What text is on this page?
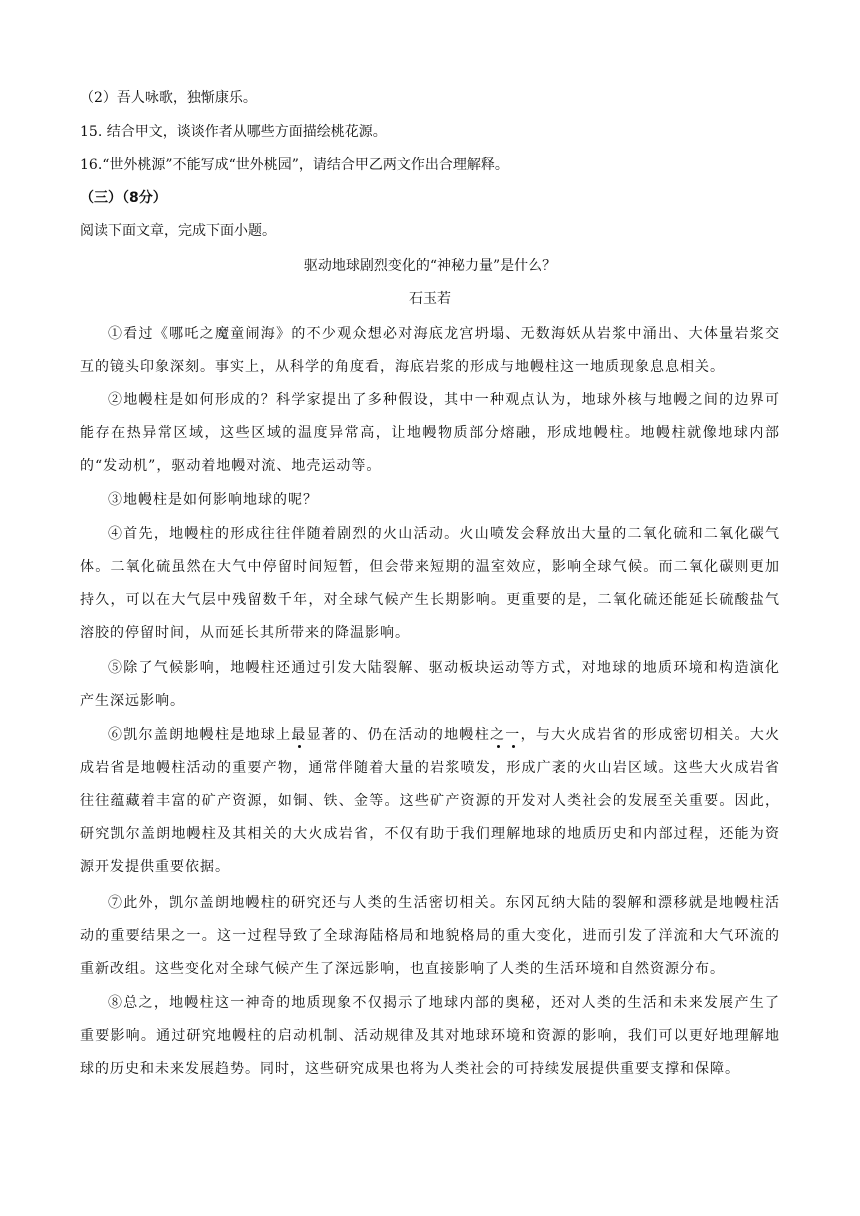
（2）吾人咏歌，独惭康乐。
15. 结合甲文，谈谈作者从哪些方面描绘桃花源。
16.“世外桃源”不能写成“世外桃园”，请结合甲乙两文作出合理解释。
（三）（8分）
阅读下面文章，完成下面小题。
驱动地球剧烈变化的“神秘力量”是什么？
石玉若
①看过《哪吒之魔童闹海》的不少观众想必对海底龙宫坍塌、无数海妖从岩浆中涌出、大体量岩浆交互的镜头印象深刻。事实上，从科学的角度看，海底岩浆的形成与地幔柱这一地质现象息息相关。
②地幔柱是如何形成的？科学家提出了多种假设，其中一种观点认为，地球外核与地幔之间的边界可能存在热异常区域，这些区域的温度异常高，让地幔物质部分熔融，形成地幔柱。地幔柱就像地球内部的“发动机”，驱动着地幔对流、地壳运动等。
③地幔柱是如何影响地球的呢？
④首先，地幔柱的形成往往伴随着剧烈的火山活动。火山喷发会释放出大量的二氧化硫和二氧化碳气体。二氧化硫虽然在大气中停留时间短暂，但会带来短期的温室效应，影响全球气候。而二氧化碳则更加持久，可以在大气层中残留数千年，对全球气候产生长期影响。更重要的是，二氧化硫还能延长硫酸盐气溶胶的停留时间，从而延长其所带来的降温影响。
⑤除了气候影响，地幔柱还通过引发大陆裂解、驱动板块运动等方式，对地球的地质环境和构造演化产生深远影响。
⑥凯尔盖朗地幔柱是地球上最显著的、仍在活动的地幔柱之一，与大火成岩省的形成密切相关。大火成岩省是地幔柱活动的重要产物，通常伴随着大量的岩浆喷发，形成广袤的火山岩区域。这些大火成岩省往往蕴藏着丰富的矿产资源，如铜、铁、金等。这些矿产资源的开发对人类社会的发展至关重要。因此，研究凯尔盖朗地幔柱及其相关的大火成岩省，不仅有助于我们理解地球的地质历史和内部过程，还能为资源开发提供重要依据。
⑦此外，凯尔盖朗地幔柱的研究还与人类的生活密切相关。东冈瓦纳大陆的裂解和漂移就是地幔柱活动的重要结果之一。这一过程导致了全球海陆格局和地貌格局的重大变化，进而引发了洋流和大气环流的重新改组。这些变化对全球气候产生了深远影响，也直接影响了人类的生活环境和自然资源分布。
⑧总之，地幔柱这一神奇的地质现象不仅揭示了地球内部的奥秘，还对人类的生活和未来发展产生了重要影响。通过研究地幔柱的启动机制、活动规律及其对地球环境和资源的影响，我们可以更好地理解地球的历史和未来发展趋势。同时，这些研究成果也将为人类社会的可持续发展提供重要支撑和保障。
